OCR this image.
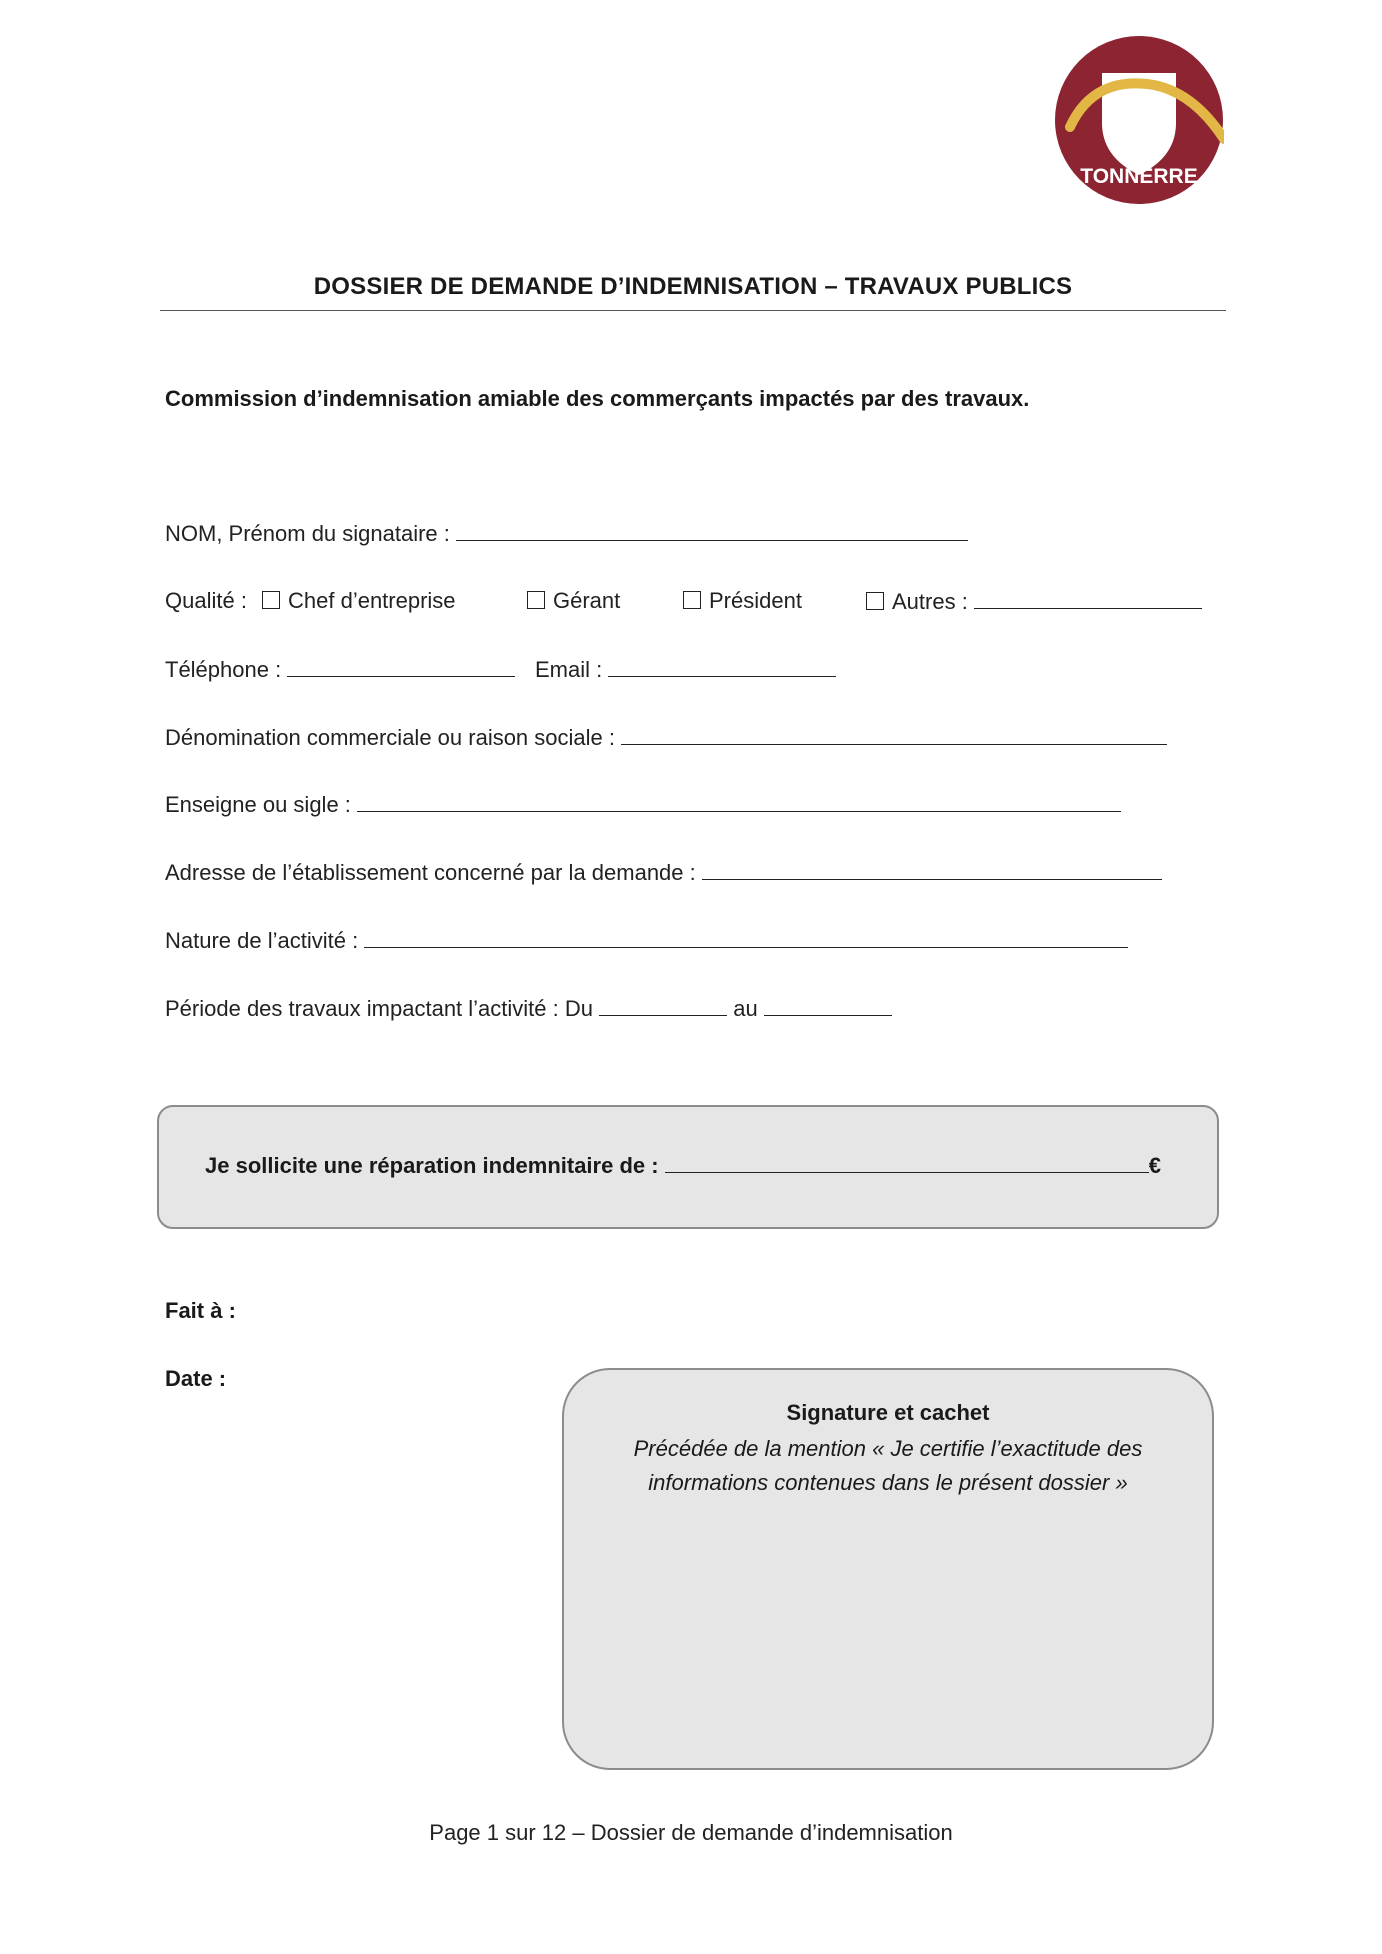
TONNERRE
DOSSIER DE DEMANDE D’INDEMNISATION – TRAVAUX PUBLICS
Commission d’indemnisation amiable des commerçants impactés par des travaux.
NOM, Prénom du signataire :
Qualité :	Chef d’entreprise	Gérant	Président	Autres :
Téléphone :	Email :
Dénomination commerciale ou raison sociale :
Enseigne ou sigle :
Adresse de l’établissement concerné par la demande :
Nature de l’activité :
Période des travaux impactant l’activité : Du	au
Je sollicite une réparation indemnitaire de :	€
Fait à :
Date :
Signature et cachet
Précédée de la mention « Je certifie l’exactitude des informations contenues dans le présent dossier »
Page 1 sur 12 – Dossier de demande d’indemnisation
